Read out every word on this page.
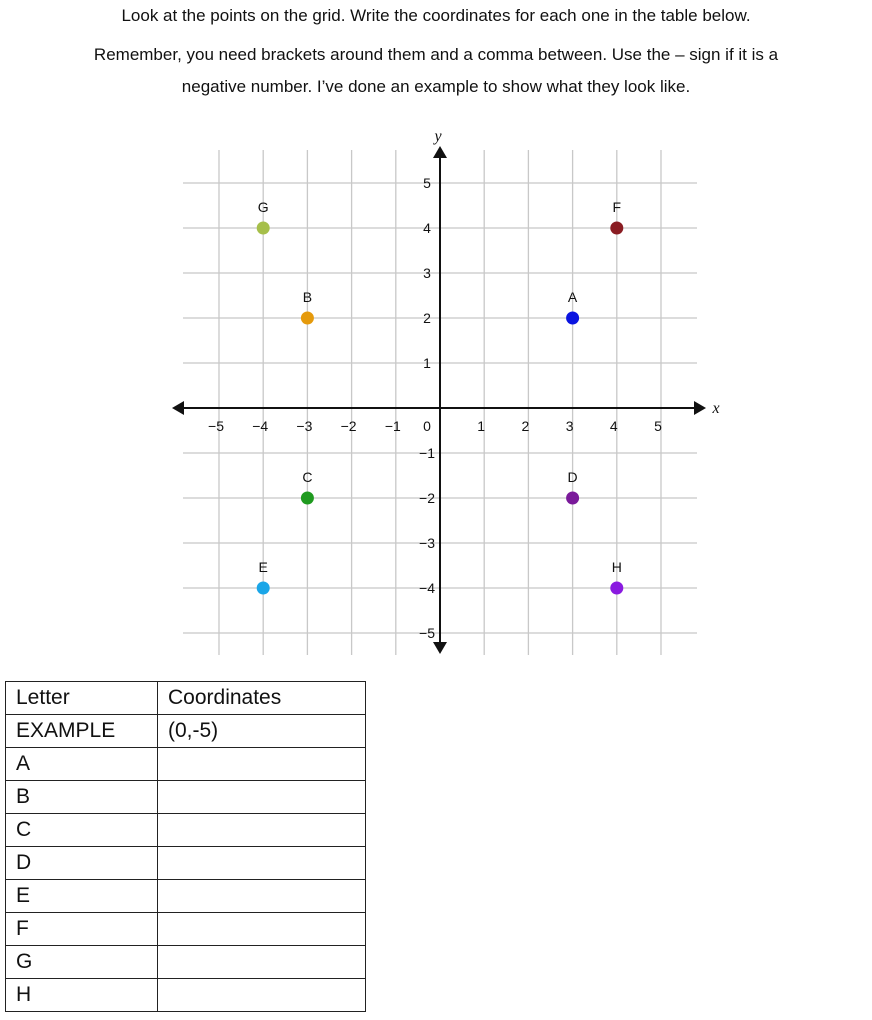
Look at the points on the grid. Write the coordinates for each one in the table below.
Remember, you need brackets around them and a comma between. Use the – sign if it is a
negative number. I’ve done an example to show what they look like.
x
y
−5 −4 −3 −2 −1 0	1	2	3	4	5
5
4
3
2
1
−1
−2
−3
−4
−5
A
B
C	D
E
F
G
H
Letter	Coordinates
EXAMPLE	(0,-5)
A	
B	
C	
D	
E	
F	
G	
H	
